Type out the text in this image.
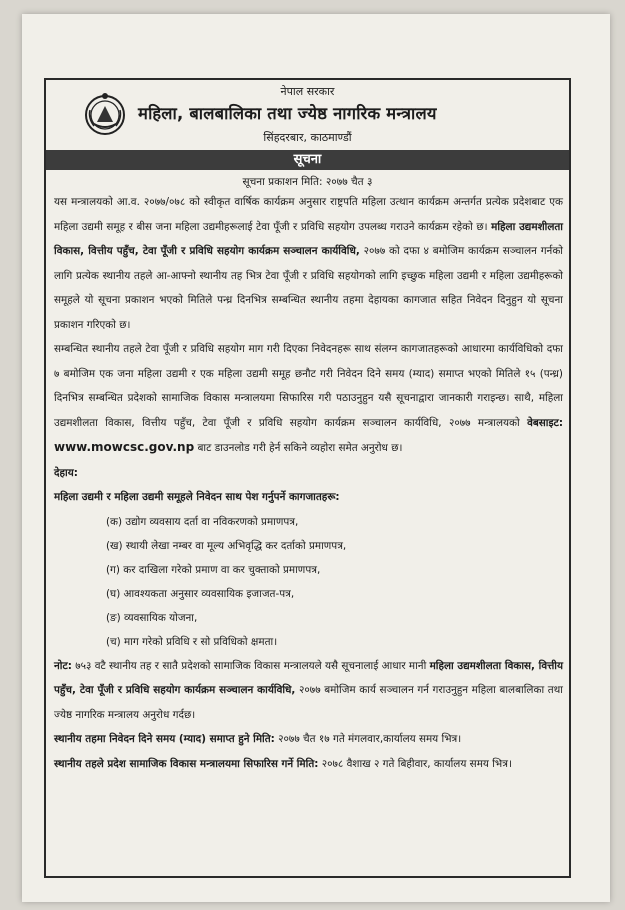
नेपाल सरकार
महिला, बालबालिका तथा ज्येष्ठ नागरिक मन्त्रालय
सिंहदरबार, काठमाण्डौं
सूचना
सूचना प्रकाशन मिति: २०७७ चैत ३

यस मन्त्रालयको आ.व. २०७७/०७८ को स्वीकृत वार्षिक कार्यक्रम अनुसार राष्ट्रपति महिला उत्थान कार्यक्रम अन्तर्गत प्रत्येक प्रदेशबाट एक महिला उद्यमी समूह र बीस जना महिला उद्यमीहरूलाई टेवा पूँजी र प्रविधि सहयोग उपलब्ध गराउने कार्यक्रम रहेको छ। महिला उद्यमशीलता विकास, वित्तीय पहुँच, टेवा पूँजी र प्रविधि सहयोग कार्यक्रम सञ्चालन कार्यविधि, २०७७ को दफा ४ बमोजिम कार्यक्रम सञ्चालन गर्नको लागि प्रत्येक स्थानीय तहले आ-आफ्नो स्थानीय तह भित्र टेवा पूँजी र प्रविधि सहयोगको लागि इच्छुक महिला उद्यमी र महिला उद्यमीहरूको समूहले यो सूचना प्रकाशन भएको मितिले पन्ध्र दिनभित्र सम्बन्धित स्थानीय तहमा देहायका कागजात सहित निवेदन दिनुहुन यो सूचना प्रकाशन गरिएको छ।

सम्बन्धित स्थानीय तहले टेवा पूँजी र प्रविधि सहयोग माग गरी दिएका निवेदनहरू साथ संलग्न कागजातहरूको आधारमा कार्यविधिको दफा ७ बमोजिम एक जना महिला उद्यमी र एक महिला उद्यमी समूह छनौट गरी निवेदन दिने समय (म्याद) समाप्त भएको मितिले १५ (पन्ध्र) दिनभित्र सम्बन्धित प्रदेशको सामाजिक विकास मन्त्रालयमा सिफारिस गरी पठाउनुहुन यसै सूचनाद्वारा जानकारी गराइन्छ। साथै, महिला उद्यमशीलता विकास, वित्तीय पहुँच, टेवा पूँजी र प्रविधि सहयोग कार्यक्रम सञ्चालन कार्यविधि, २०७७ मन्त्रालयको वेबसाइट: www.mowcsc.gov.np बाट डाउनलोड गरी हेर्न सकिने व्यहोरा समेत अनुरोध छ।

देहाय:

महिला उद्यमी र महिला उद्यमी समूहले निवेदन साथ पेश गर्नुपर्ने कागजातहरू:

(क) उद्योग व्यवसाय दर्ता वा नविकरणको प्रमाणपत्र,
(ख) स्थायी लेखा नम्बर वा मूल्य अभिवृद्धि कर दर्ताको प्रमाणपत्र,
(ग) कर दाखिला गरेको प्रमाण वा कर चुक्ताको प्रमाणपत्र,
(घ) आवश्यकता अनुसार व्यवसायिक इजाजत-पत्र,
(ङ) व्यवसायिक योजना,
(च) माग गरेको प्रविधि र सो प्रविधिको क्षमता।

नोट: ७५३ वटै स्थानीय तह र सातै प्रदेशको सामाजिक विकास मन्त्रालयले यसै सूचनालाई आधार मानी महिला उद्यमशीलता विकास, वित्तीय पहुँच, टेवा पूँजी र प्रविधि सहयोग कार्यक्रम सञ्चालन कार्यविधि, २०७७ बमोजिम कार्य सञ्चालन गर्न गराउनुहुन महिला बालबालिका तथा ज्येष्ठ नागरिक मन्त्रालय अनुरोध गर्दछ।

स्थानीय तहमा निवेदन दिने समय (म्याद) समाप्त हुने मिति: २०७७ चैत १७ गते मंगलवार,कार्यालय समय भित्र।

स्थानीय तहले प्रदेश सामाजिक विकास मन्त्रालयमा सिफारिस गर्ने मिति: २०७८ वैशाख २ गते बिहीवार, कार्यालय समय भित्र।
